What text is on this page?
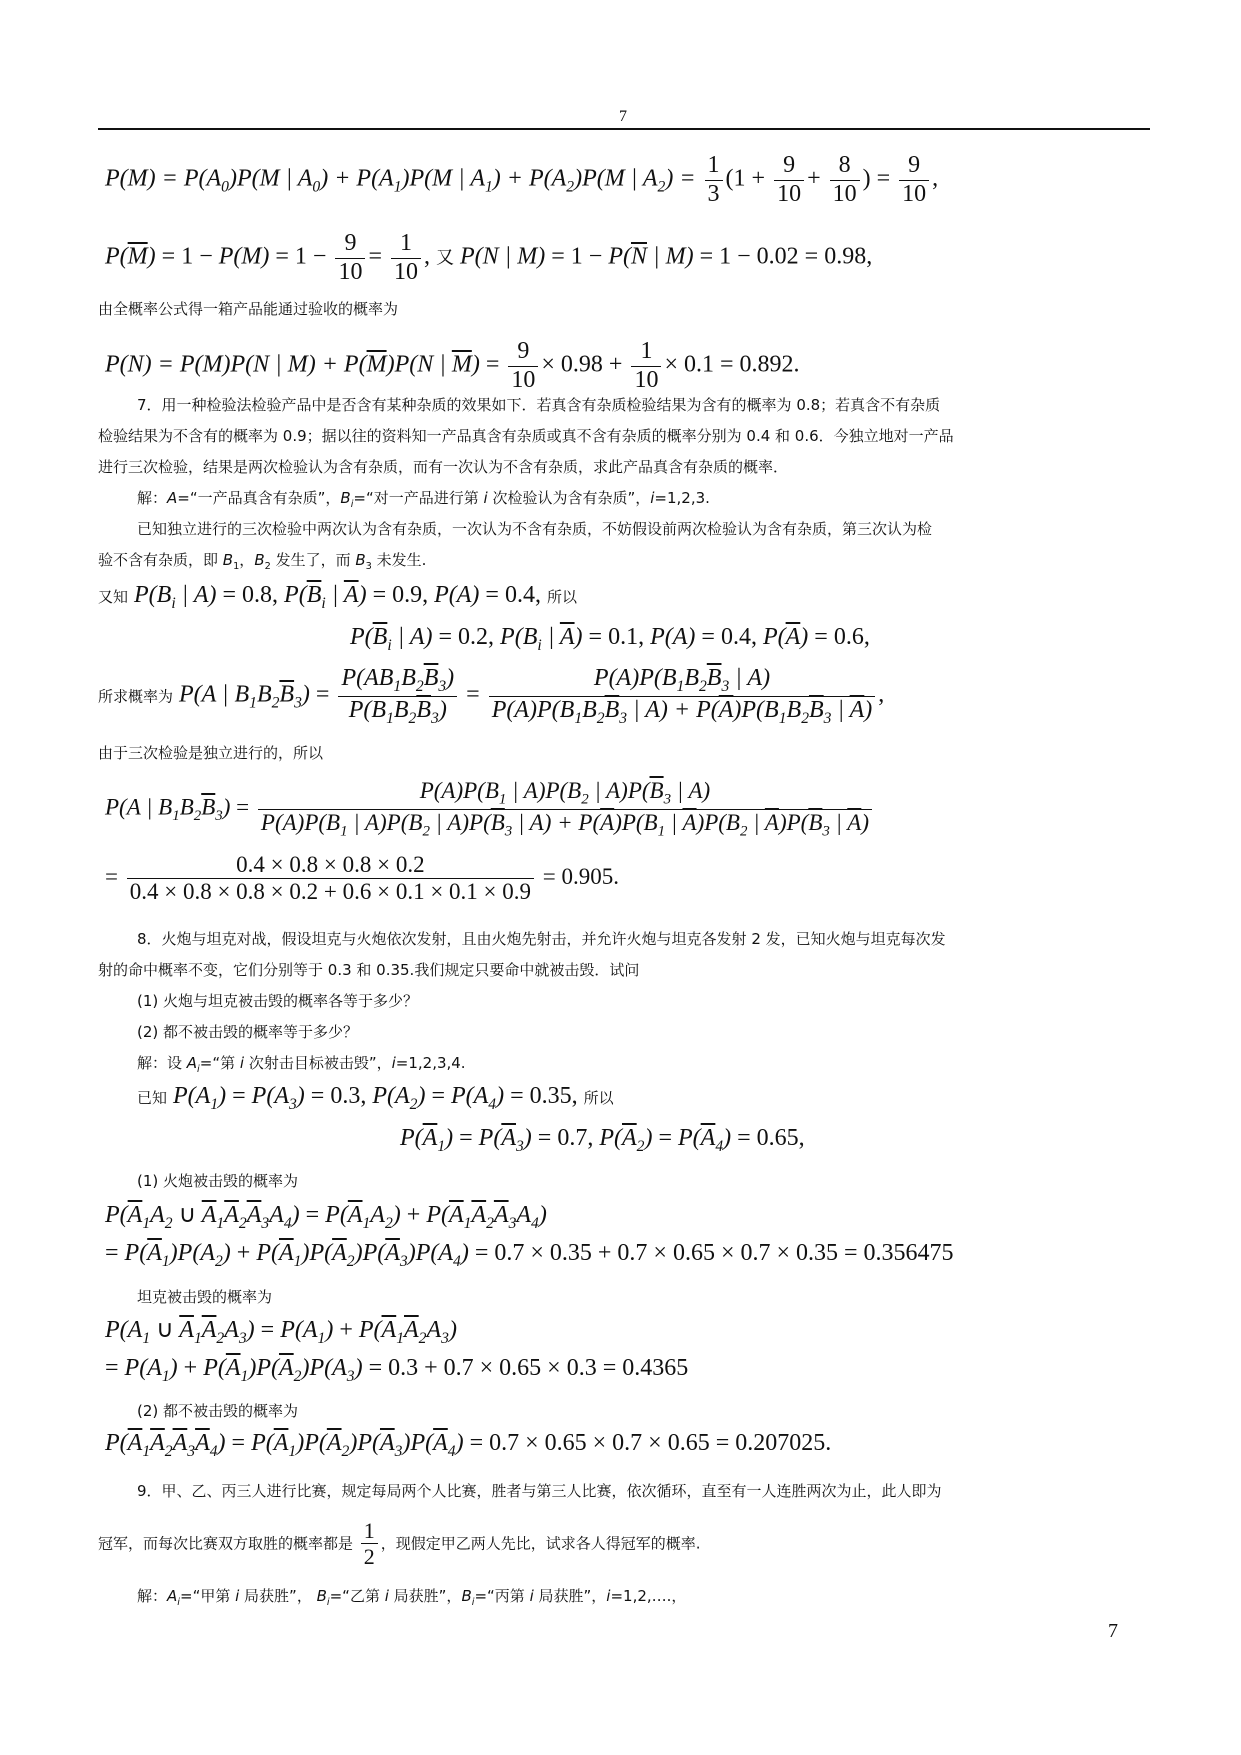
7
7
$P(M) = P(A_0)P(M$ | $A_0) + P(A_1)P(M$ | $A_1) + P(A_2)P(M$ | $A_2) = \frac{1}{3} (1 + \frac{9}{10} + \frac{8}{10}$ ) = $\frac{9}{10}$ ,
$P(\overline{M}) = 1 - P(M) = 1 - \frac{9}{10} = \frac{1}{10}$ , 又 P(N | $M) = 1 - P(\overline{N}$ | M) = 1 − 0.02 = 0.98,
由全概率公式得一箱产品能通过验收的概率为
P(N) = P(M)P(N | $M) + P(\overline{M})P(N$ | $\overline{M}) = \frac{9}{10} \times 0.98 + \frac{1}{10} \times 0.1 = 0.892$.
7．用一种检验法检验产品中是否含有某种杂质的效果如下．若真含有杂质检验结果为含有的概率为 0.8；若真含不有杂质
检验结果为不含有的概率为 0.9；据以往的资料知一产品真含有杂质或真不含有杂质的概率分别为 0.4 和 0.6．今独立地对一产品
进行三次检验，结果是两次检验认为含有杂质，而有一次认为不含有杂质，求此产品真含有杂质的概率．
解：A=“一产品真含有杂质”，$B_i=“$对一产品进行第 i 次检验认为含有杂质”，i=1,2,3.
已知独立进行的三次检验中两次认为含有杂质，一次认为不含有杂质，不妨假设前两次检验认为含有杂质，第三次认为检
验不含有杂质，即 $B_1$，$B_2$ 发生了，而 $B_3$ 未发生.
又知 $P(B_i$ | A) = 0.8, $P(\overline{B}_i$ | $\overline{A}) = 0.9$, P(A) = 0.4, 所以
$P(\overline{B}_i$ | A) = 0.2, $P(B_i$ | $\overline{A}) = 0.1$, P(A) = 0.4, $P(\overline{A}) = 0.6$,
所求概率为 P(A | $B_1B_2\overline{B}_3) = \frac{P(AB_1B_2\overline{B}_3)}{P(B_1B_2\overline{B}_3)} = \frac{P(A)P(B_1B_2\overline{B}_3 | A)}{P(A)P(B_1B_2\overline{B}_3 | A) + P(\overline{A})P(B_1B_2\overline{B}_3 | \overline{A})}$ ,
由于三次检验是独立进行的，所以
P(A | $B_1B_2\overline{B}_3$) =
$P(A)P(B_1$ | $A)P(B_2$ | $A)P(\overline{B}_3$ | A)
$P(A)P(B_1$ | $A)P(B_2$ | $A)P(\overline{B}_3$ | $A) + P(\overline{A})P(B_1$ | $\overline{A})P(B_2$ | $\overline{A})P(\overline{B}_3$ | $\overline{A}$)
= $\frac{0.4 \times 0.8 \times 0.8 \times 0.2}{0.4 \times 0.8 \times 0.8 \times 0.2 + 0.6 \times 0.1 \times 0.1 \times 0.9} = 0.905$.
8．火炮与坦克对战，假设坦克与火炮依次发射，且由火炮先射击，并允许火炮与坦克各发射 2 发，已知火炮与坦克每次发
射的命中概率不变，它们分别等于 0.3 和 0.35.我们规定只要命中就被击毁．试问
(1) 火炮与坦克被击毁的概率各等于多少？
(2) 都不被击毁的概率等于多少？
解：设 $A_i=“$第 i 次射击目标被击毁”，i=1,2,3,4.
已知 $P(A_1) = P(A_3) = 0.3$, $P(A_2) = P(A_4) = 0.35$, 所以
$P(\overline{A}_1) = P(\overline{A}_3) = 0.7$, $P(\overline{A}_2) = P(\overline{A}_4) = 0.65$,
(1) 火炮被击毁的概率为
$P(\overline{A}_1A_2$ ∪ $\overline{A}_1\overline{A}_2\overline{A}_3A_4) = P(\overline{A}_1A_2) + P(\overline{A}_1\overline{A}_2\overline{A}_3A_4)$
= $P(\overline{A}_1)P(A_2) + P(\overline{A}_1)P(\overline{A}_2)P(\overline{A}_3)P(A_4) = 0.7 \times 0.35 + 0.7 \times 0.65 \times 0.7 \times 0.35 = 0.356475$
坦克被击毁的概率为
$P(A_1$ ∪ $\overline{A}_1\overline{A}_2A_3) = P(A_1) + P(\overline{A}_1\overline{A}_2A_3)$
= $P(A_1) + P(\overline{A}_1)P(\overline{A}_2)P(A_3) = 0.3 + 0.7 \times 0.65 \times 0.3 = 0.4365$
(2) 都不被击毁的概率为
$P(\overline{A}_1\overline{A}_2\overline{A}_3\overline{A}_4) = P(\overline{A}_1)P(\overline{A}_2)P(\overline{A}_3)P(\overline{A}_4) = 0.7 \times 0.65 \times 0.7 \times 0.65 = 0.207025$.
9．甲、乙、丙三人进行比赛，规定每局两个人比赛，胜者与第三人比赛，依次循环，直至有一人连胜两次为止，此人即为
冠军，而每次比赛双方取胜的概率都是 $\frac{1}{2}$ ，现假定甲乙两人先比，试求各人得冠军的概率.
解：$A_i=“$甲第 i 局获胜”， $B_i=“$乙第 i 局获胜”，$B_i=“$丙第 i 局获胜”，i=1,2,….，
